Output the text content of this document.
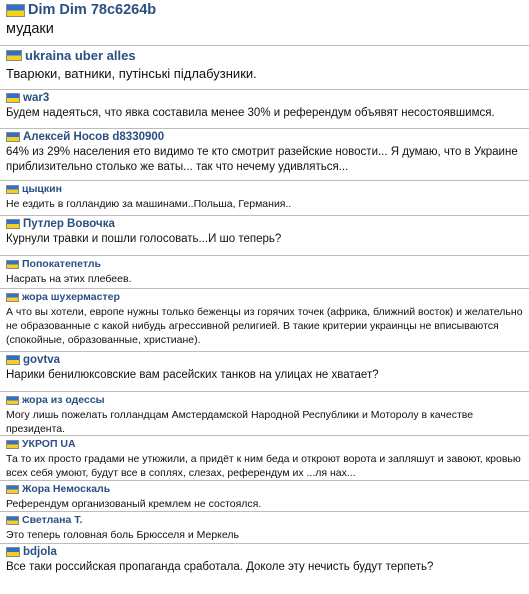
Dim Dim 78c6264b
мудаки
ukraina uber alles
Тварюки, ватники, путінські підлабузники.
war3
Будем надеяться, что явка составила менее 30% и референдум объявят несостоявшимся.
Алексей Носов d8330900
64% из 29% населения ето видимо те кто смотрит разейские новости... Я думаю, что в Украине приблизительно столько же ваты... так что нечему удивляться...
цыцкин
Не ездить в голландию за машинами..Польша, Германия..
Путлер Вовочка
Курнули травки и пошли голосовать...И шо теперь?
Попокатепетль
Насрать на этих плебеев.
жора шухермастер
А что вы хотели, европе нужны только беженцы из горячих точек (африка, ближний восток) и желательно не образованные с какой нибудь агрессивной религией. В такие критерии украинцы не вписываются (спокойные, образованные, христиане).
govtva
Нарики бенилюксовские вам расейских танков на улицах не хватает?
жора из одессы
Могу лишь пожелать голландцам Амстердамской Народной Республики и Моторолу в качестве президента.
УКРОП UA
Та то их просто градами не утюжили, а придёт к ним беда и откроют ворота и запляшут и завоют, кровью всех себя умоют, будут все в соплях, слезах, референдум их ...ля нах...
Жора Немоскаль
Референдум организованый кремлем не состоялся.
Светлана Т.
Это теперь головная боль Брюсселя и Меркель
bdjola
Все таки российская пропаганда сработала. Доколе эту нечисть будут терпеть?
